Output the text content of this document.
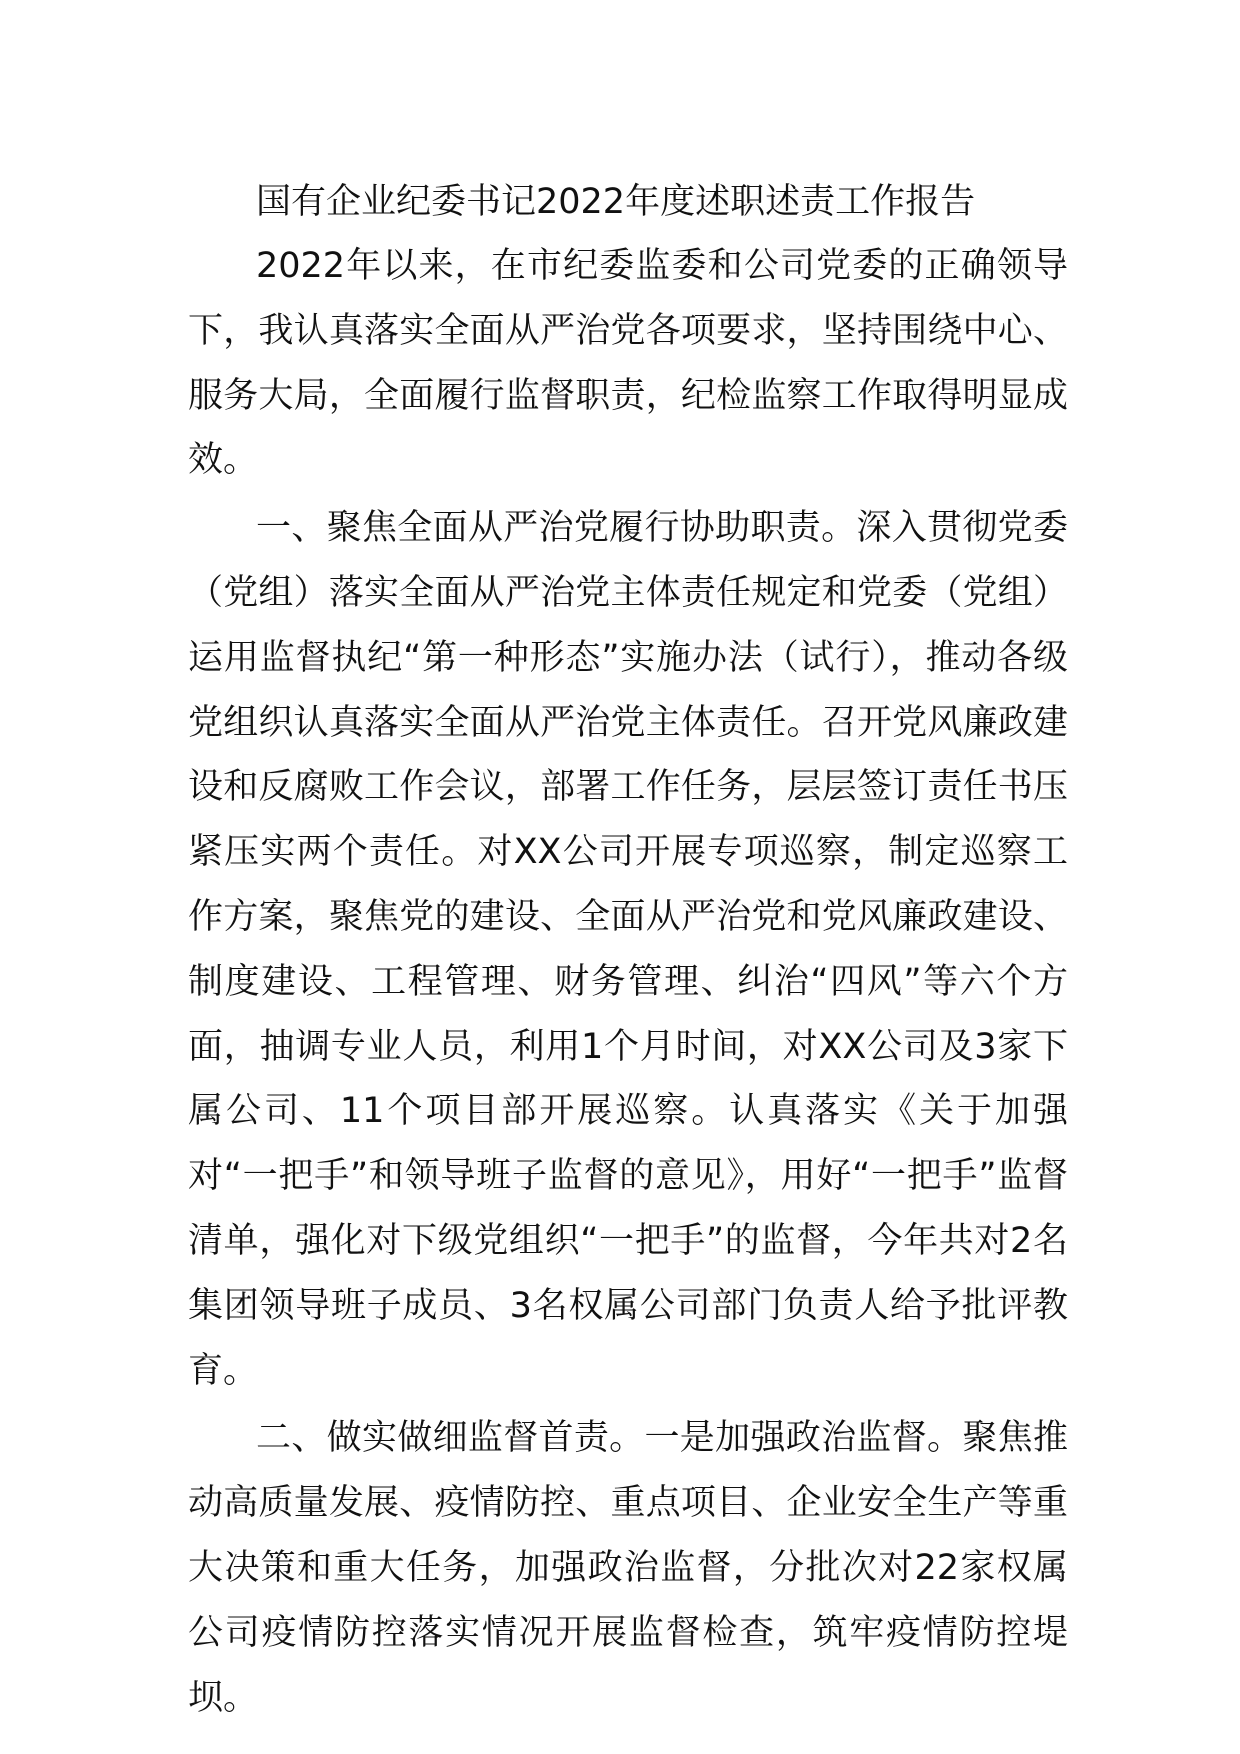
国有企业纪委书记2022年度述职述责工作报告

2022年以来，在市纪委监委和公司党委的正确领导下，我认真落实全面从严治党各项要求，坚持围绕中心、服务大局，全面履行监督职责，纪检监察工作取得明显成效。

一、聚焦全面从严治党履行协助职责。深入贯彻党委（党组）落实全面从严治党主体责任规定和党委（党组）运用监督执纪“第一种形态”实施办法（试行），推动各级党组织认真落实全面从严治党主体责任。召开党风廉政建设和反腐败工作会议，部署工作任务，层层签订责任书压紧压实两个责任。对XX公司开展专项巡察，制定巡察工作方案，聚焦党的建设、全面从严治党和党风廉政建设、制度建设、工程管理、财务管理、纠治“四风”等六个方面，抽调专业人员，利用1个月时间，对XX公司及3家下属公司、11个项目部开展巡察。认真落实《关于加强对“一把手”和领导班子监督的意见》，用好“一把手”监督清单，强化对下级党组织“一把手”的监督，今年共对2名集团领导班子成员、3名权属公司部门负责人给予批评教育。

二、做实做细监督首责。一是加强政治监督。聚焦推动高质量发展、疫情防控、重点项目、企业安全生产等重大决策和重大任务，加强政治监督，分批次对22家权属公司疫情防控落实情况开展监督检查，筑牢疫情防控堤坝。
